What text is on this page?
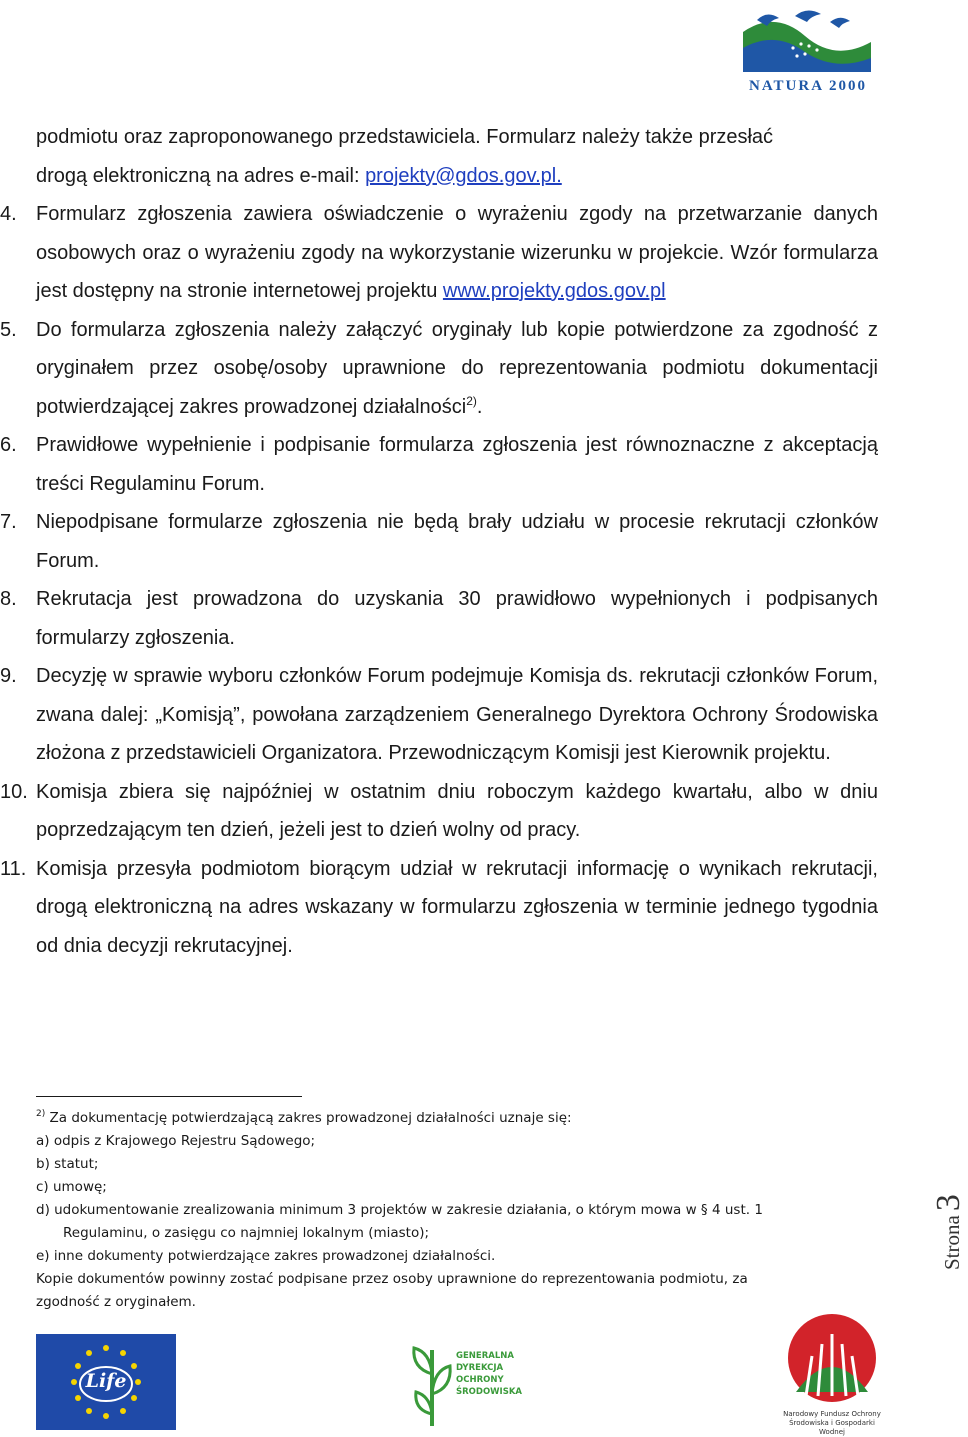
NATURA 2000
podmiotu oraz zaproponowanego przedstawiciela. Formularz należy także przesłać
drogą elektroniczną na adres e-mail: projekty@gdos.gov.pl.
4. Formularz zgłoszenia zawiera oświadczenie o wyrażeniu zgody na przetwarzanie danych osobowych oraz o wyrażeniu zgody na wykorzystanie wizerunku w projekcie. Wzór formularza jest dostępny na stronie internetowej projektu www.projekty.gdos.gov.pl
5. Do formularza zgłoszenia należy załączyć oryginały lub kopie potwierdzone za zgodność z oryginałem przez osobę/osoby uprawnione do reprezentowania podmiotu dokumentacji potwierdzającej zakres prowadzonej działalności$^{2)}$.
6. Prawidłowe wypełnienie i podpisanie formularza zgłoszenia jest równoznaczne z akceptacją treści Regulaminu Forum.
7. Niepodpisane formularze zgłoszenia nie będą brały udziału w procesie rekrutacji członków Forum.
8. Rekrutacja jest prowadzona do uzyskania 30 prawidłowo wypełnionych i podpisanych formularzy zgłoszenia.
9. Decyzję w sprawie wyboru członków Forum podejmuje Komisja ds. rekrutacji członków Forum, zwana dalej: „Komisją”, powołana zarządzeniem Generalnego Dyrektora Ochrony Środowiska złożona z przedstawicieli Organizatora. Przewodniczącym Komisji jest Kierownik projektu.
10. Komisja zbiera się najpóźniej w ostatnim dniu roboczym każdego kwartału, albo w dniu poprzedzającym ten dzień, jeżeli jest to dzień wolny od pracy.
11. Komisja przesyła podmiotom biorącym udział w rekrutacji informację o wynikach rekrutacji, drogą elektroniczną na adres wskazany w formularzu zgłoszenia w terminie jednego tygodnia od dnia decyzji rekrutacyjnej.
$^{2)}$ Za dokumentację potwierdzającą zakres prowadzonej działalności uznaje się:
a) odpis z Krajowego Rejestru Sądowego;
b) statut;
c) umowę;
d) udokumentowanie zrealizowania minimum 3 projektów w zakresie działania, o którym mowa w § 4 ust. 1
Regulaminu, o zasięgu co najmniej lokalnym (miasto);
e) inne dokumenty potwierdzające zakres prowadzonej działalności.
Kopie dokumentów powinny zostać podpisane przez osoby uprawnione do reprezentowania podmiotu, za
zgodność z oryginałem.
Strona3
Life
GENERALNA
DYREKCJA
OCHRONY
ŚRODOWISKA
Narodowy Fundusz Ochrony
Środowiska i Gospodarki Wodnej
